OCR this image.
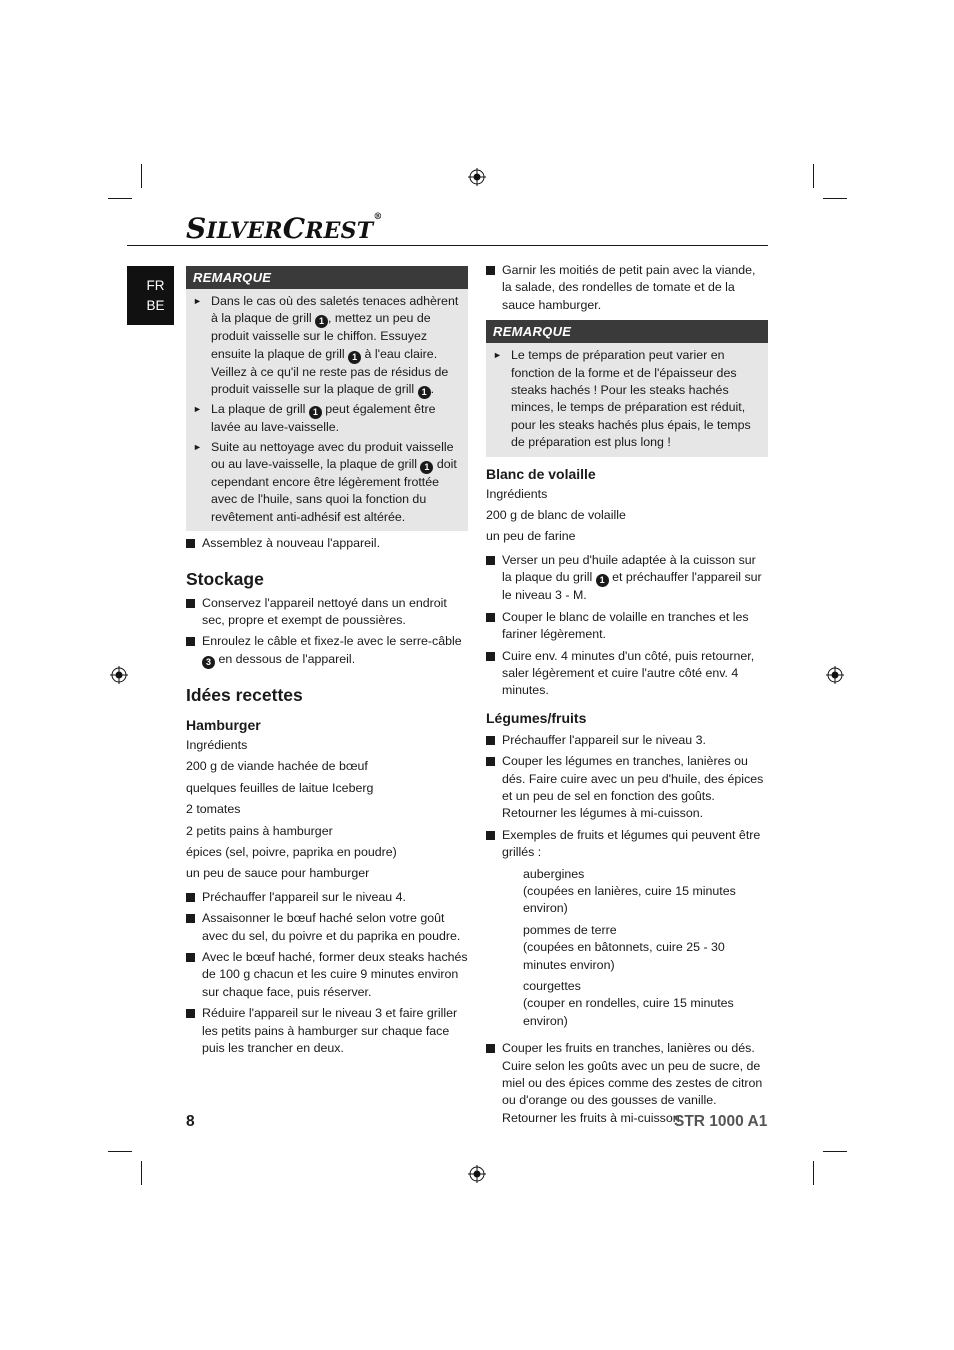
SILVERCREST®
FR
BE
REMARQUE
► Dans le cas où des saletés tenaces adhèrent à la plaque de grill 1 , mettez un peu de produit vaisselle sur le chiffon. Essuyez ensuite la plaque de grill 1 à l'eau claire. Veillez à ce qu'il ne reste pas de résidus de produit vaisselle sur la plaque de grill 1 .
► La plaque de grill 1 peut également être lavée au lave-vaisselle.
► Suite au nettoyage avec du produit vaisselle ou au lave-vaisselle, la plaque de grill 1 doit cependant encore être légèrement frottée avec de l'huile, sans quoi la fonction du revêtement anti-adhésif est altérée.
Assemblez à nouveau l'appareil.
Stockage
Conservez l'appareil nettoyé dans un endroit sec, propre et exempt de poussières.
Enroulez le câble et fixez-le avec le serre-câble 3 en dessous de l'appareil.
Idées recettes
Hamburger
Ingrédients
200 g de viande hachée de bœuf
quelques feuilles de laitue Iceberg
2 tomates
2 petits pains à hamburger
épices (sel, poivre, paprika en poudre)
un peu de sauce pour hamburger
Préchauffer l'appareil sur le niveau 4.
Assaisonner le bœuf haché selon votre goût avec du sel, du poivre et du paprika en poudre.
Avec le bœuf haché, former deux steaks hachés de 100 g chacun et les cuire 9 minutes environ sur chaque face, puis réserver.
Réduire l'appareil sur le niveau 3 et faire griller les petits pains à hamburger sur chaque face puis les trancher en deux.
Garnir les moitiés de petit pain avec la viande, la salade, des rondelles de tomate et de la sauce hamburger.
REMARQUE
► Le temps de préparation peut varier en fonction de la forme et de l'épaisseur des steaks hachés ! Pour les steaks hachés minces, le temps de préparation est réduit, pour les steaks hachés plus épais, le temps de préparation est plus long !
Blanc de volaille
Ingrédients
200 g de blanc de volaille
un peu de farine
Verser un peu d'huile adaptée à la cuisson sur la plaque du grill 1 et préchauffer l'appareil sur le niveau 3 - M.
Couper le blanc de volaille en tranches et les fariner légèrement.
Cuire env. 4 minutes d'un côté, puis retourner, saler légèrement et cuire l'autre côté env. 4 minutes.
Légumes/fruits
Préchauffer l'appareil sur le niveau 3.
Couper les légumes en tranches, lanières ou dés. Faire cuire avec un peu d'huile, des épices et un peu de sel en fonction des goûts. Retourner les légumes à mi-cuisson.
Exemples de fruits et légumes qui peuvent être grillés :
aubergines
(coupées en lanières, cuire 15 minutes environ)
pommes de terre
(coupées en bâtonnets, cuire 25 - 30 minutes environ)
courgettes
(couper en rondelles, cuire 15 minutes environ)
Couper les fruits en tranches, lanières ou dés. Cuire selon les goûts avec un peu de sucre, de miel ou des épices comme des zestes de citron ou d'orange ou des gousses de vanille. Retourner les fruits à mi-cuisson.
8	STR 1000 A1
